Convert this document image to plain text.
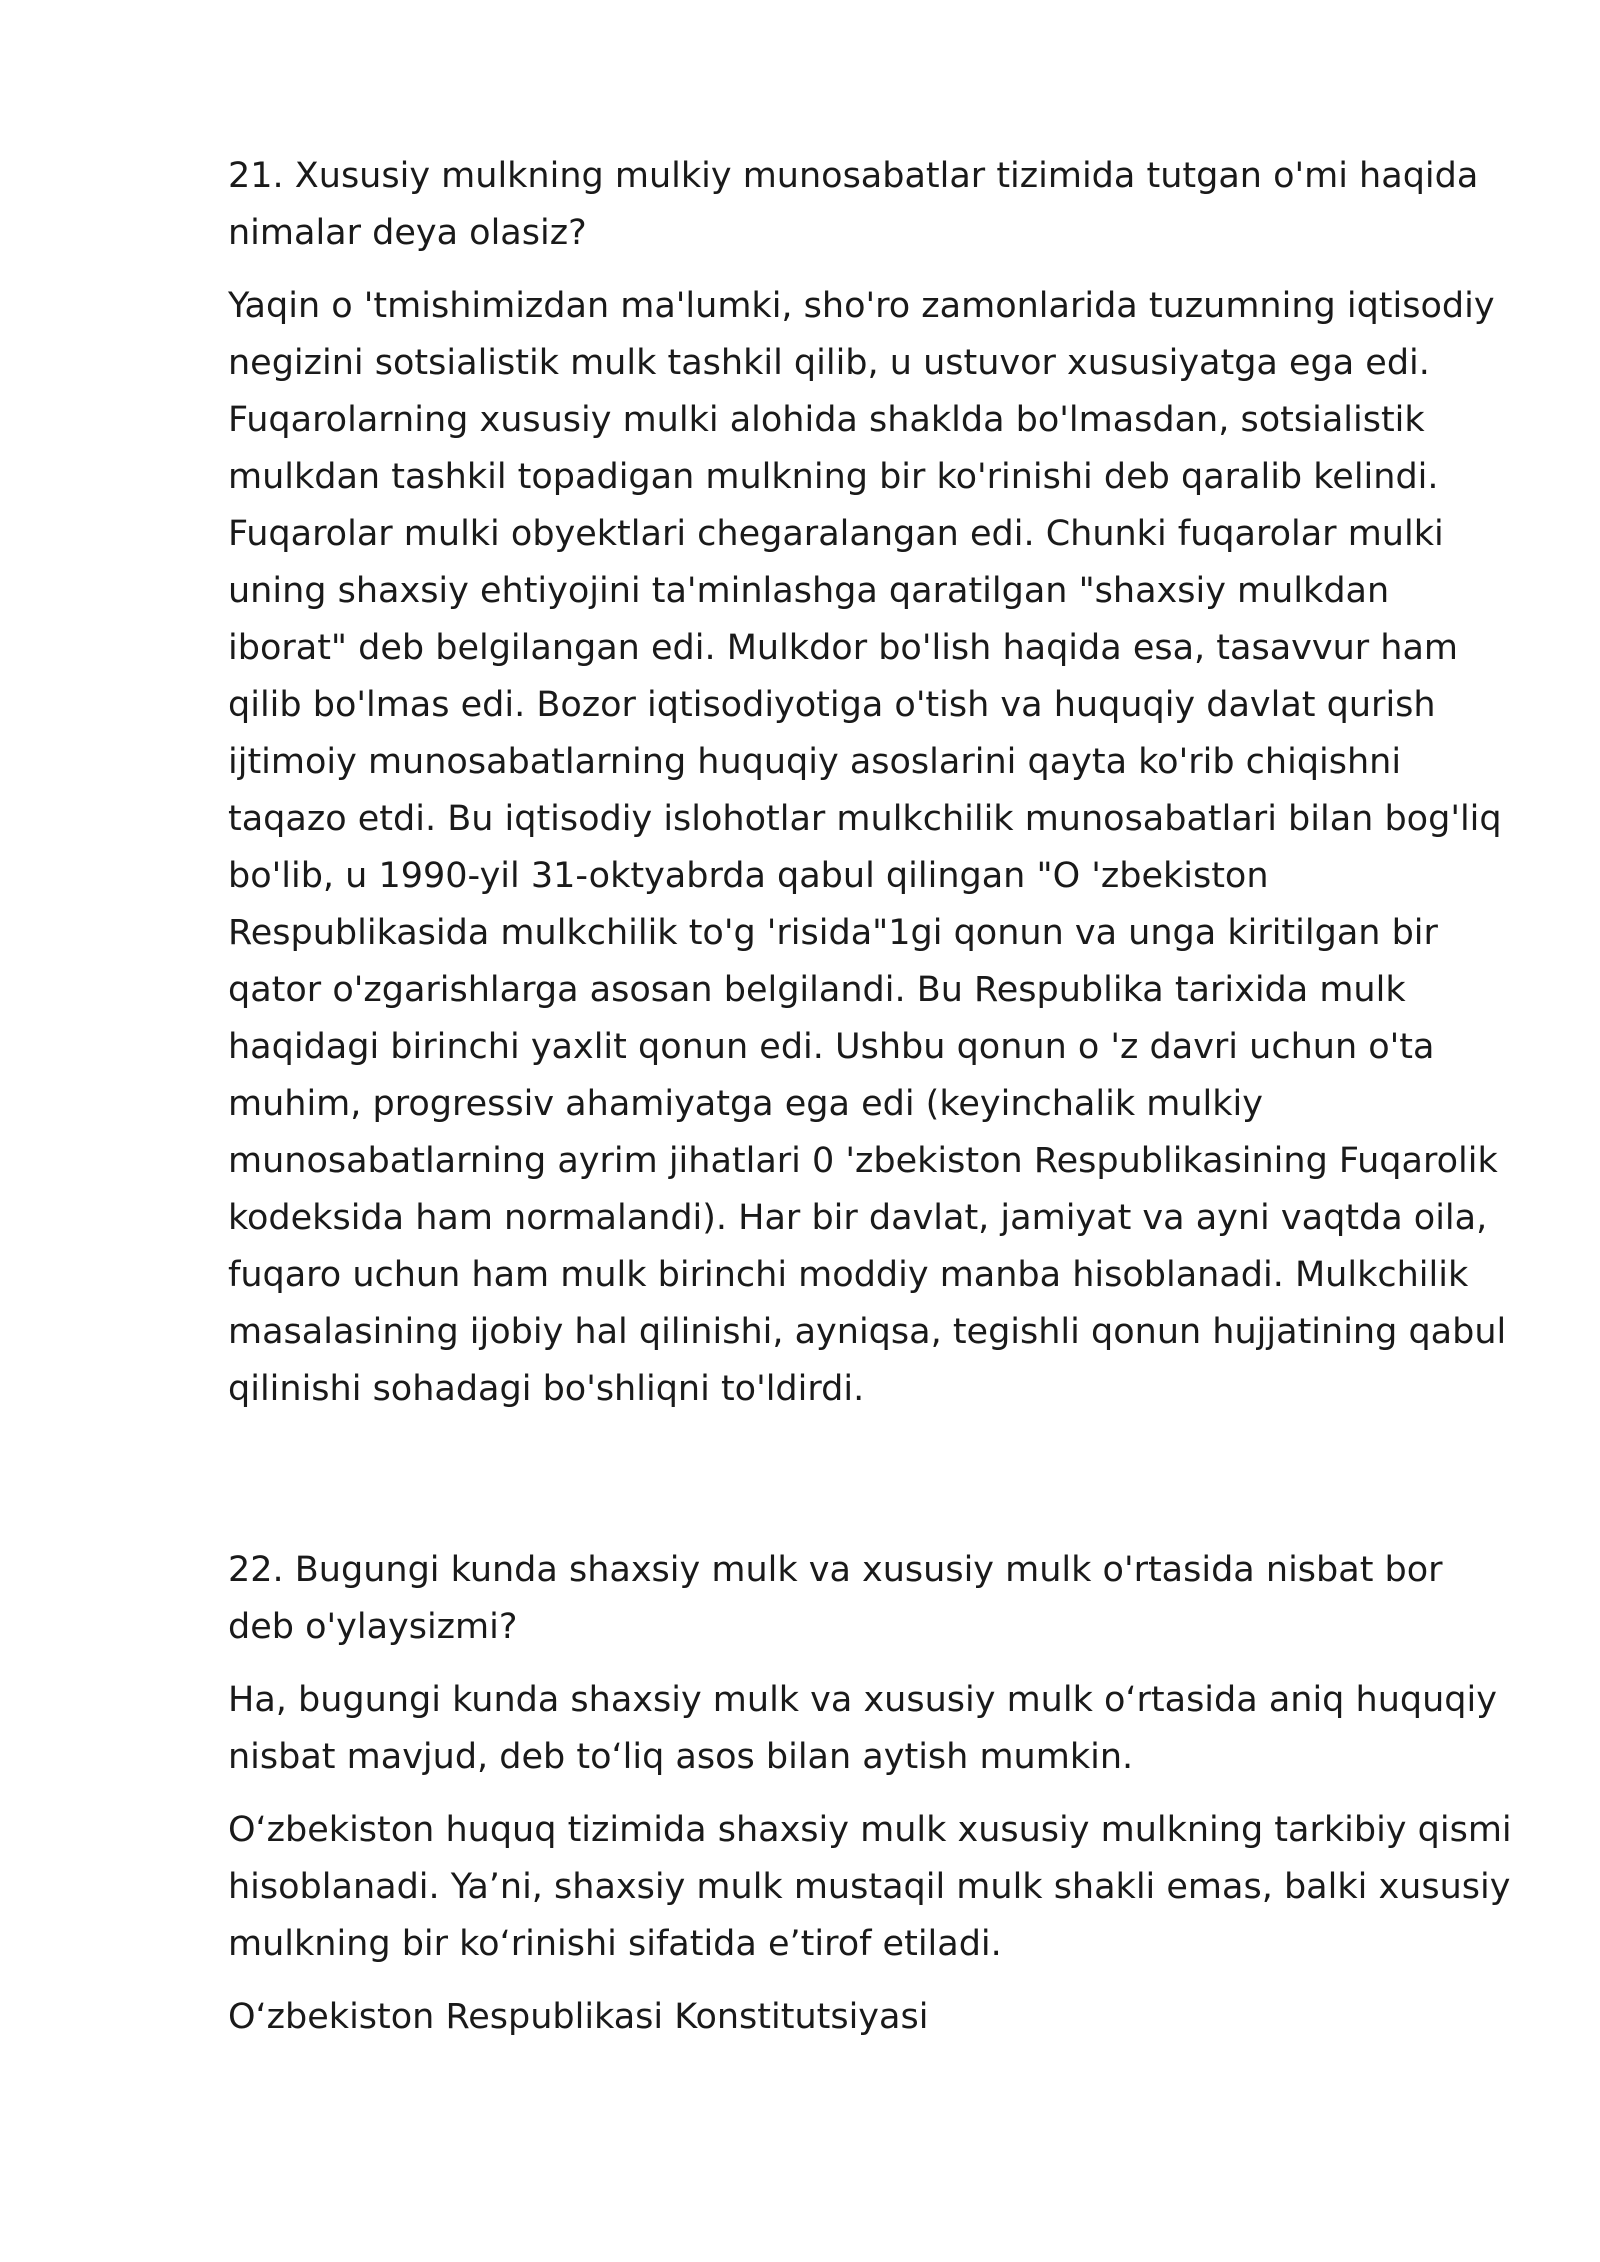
21. Xususiy mulkning mulkiy munosabatlar tizimida tutgan o'mi haqida nimalar deya olasiz?

Yaqin o 'tmishimizdan ma'lumki, sho'ro zamonlarida tuzumning iqtisodiy negizini sotsialistik mulk tashkil qilib, u ustuvor xususiyatga ega edi. Fuqarolarning xususiy mulki alohida shaklda bo'lmasdan, sotsialistik mulkdan tashkil topadigan mulkning bir ko'rinishi deb qaralib kelindi. Fuqarolar mulki obyektlari chegaralangan edi. Chunki fuqarolar mulki uning shaxsiy ehtiyojini ta'minlashga qaratilgan "shaxsiy mulkdan iborat" deb belgilangan edi. Mulkdor bo'lish haqida esa, tasavvur ham qilib bo'lmas edi. Bozor iqtisodiyotiga o'tish va huquqiy davlat qurish ijtimoiy munosabatlarning huquqiy asoslarini qayta ko'rib chiqishni taqazo etdi. Bu iqtisodiy islohotlar mulkchilik munosabatlari bilan bog'liq bo'lib, u 1990-yil 31-oktyabrda qabul qilingan "O 'zbekiston Respublikasida mulkchilik to'g 'risida"1gi qonun va unga kiritilgan bir qator o'zgarishlarga asosan belgilandi. Bu Respublika tarixida mulk haqidagi birinchi yaxlit qonun edi. Ushbu qonun o 'z davri uchun o'ta muhim, progressiv ahamiyatga ega edi (keyinchalik mulkiy munosabatlarning ayrim jihatlari 0 'zbekiston Respublikasining Fuqarolik kodeksida ham normalandi). Har bir davlat, jamiyat va ayni vaqtda oila, fuqaro uchun ham mulk birinchi moddiy manba hisoblanadi. Mulkchilik masalasining ijobiy hal qilinishi, ayniqsa, tegishli qonun hujjatining qabul qilinishi sohadagi bo'shliqni to'ldirdi.

22. Bugungi kunda shaxsiy mulk va xususiy mulk o'rtasida nisbat bor deb o'ylaysizmi?

Ha, bugungi kunda shaxsiy mulk va xususiy mulk oʻrtasida aniq huquqiy nisbat mavjud, deb toʻliq asos bilan aytish mumkin.

Oʻzbekiston huquq tizimida shaxsiy mulk xususiy mulkning tarkibiy qismi hisoblanadi. Ya’ni, shaxsiy mulk mustaqil mulk shakli emas, balki xususiy mulkning bir koʻrinishi sifatida e’tirof etiladi.

Oʻzbekiston Respublikasi Konstitutsiyasi
